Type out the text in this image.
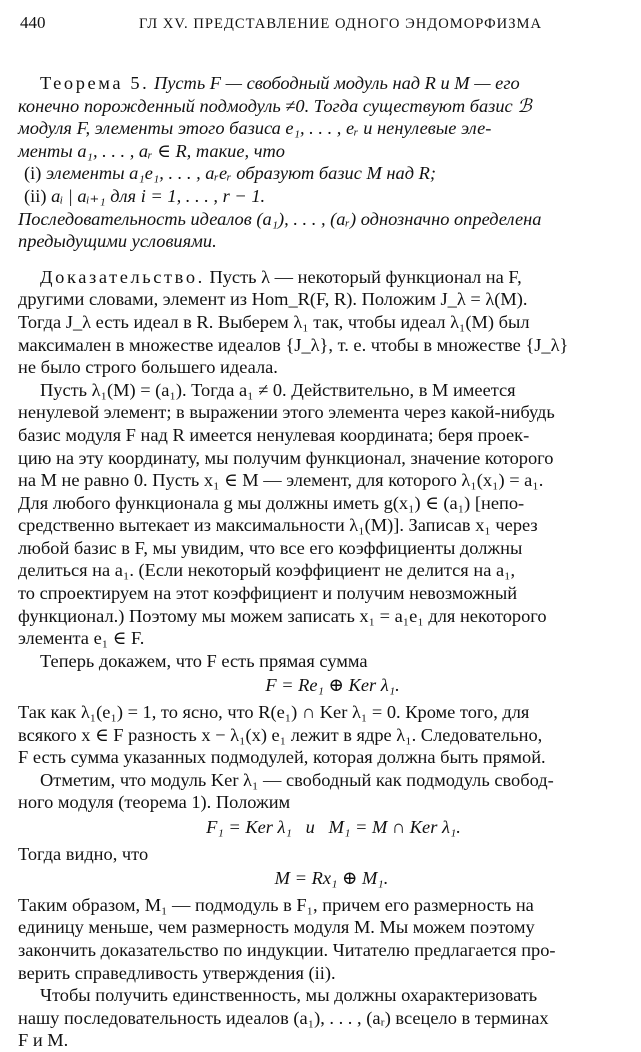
440	ГЛ XV. ПРЕДСТАВЛЕНИЕ ОДНОГО ЭНДОМОРФИЗМА

Теорема 5. Пусть F — свободный модуль над R и M — его

конечно порожденный подмодуль ≠0. Тогда существуют базис ℬ

модуля F, элементы этого базиса e₁, . . . , eᵣ и ненулевые эле-

менты a₁, . . . , aᵣ ∈ R, такие, что

(i) элементы a₁e₁, . . . , aᵣeᵣ образуют базис M над R;

(ii) aᵢ | aᵢ₊₁ для i = 1, . . . , r − 1.

Последовательность идеалов (a₁), . . . , (aᵣ) однозначно определена

предыдущими условиями.

Доказательство. Пусть λ — некоторый функционал на F,

другими словами, элемент из Hom_R(F, R). Положим J_λ = λ(M).

Тогда J_λ есть идеал в R. Выберем λ₁ так, чтобы идеал λ₁(M) был

максимален в множестве идеалов {J_λ}, т. е. чтобы в множестве {J_λ}

не было строго большего идеала.

Пусть λ₁(M) = (a₁). Тогда a₁ ≠ 0. Действительно, в M имеется

ненулевой элемент; в выражении этого элемента через какой-нибудь

базис модуля F над R имеется ненулевая координата; беря проек-

цию на эту координату, мы получим функционал, значение которого

на M не равно 0. Пусть x₁ ∈ M — элемент, для которого λ₁(x₁) = a₁.

Для любого функционала g мы должны иметь g(x₁) ∈ (a₁) [непо-

средственно вытекает из максимальности λ₁(M)]. Записав x₁ через

любой базис в F, мы увидим, что все его коэффициенты должны

делиться на a₁. (Если некоторый коэффициент не делится на a₁,

то спроектируем на этот коэффициент и получим невозможный

функционал.) Поэтому мы можем записать x₁ = a₁e₁ для некоторого

элемента e₁ ∈ F.

Теперь докажем, что F есть прямая сумма

F = Re₁ ⊕ Ker λ₁.

Так как λ₁(e₁) = 1, то ясно, что R(e₁) ∩ Ker λ₁ = 0. Кроме того, для

всякого x ∈ F разность x − λ₁(x) e₁ лежит в ядре λ₁. Следовательно,

F есть сумма указанных подмодулей, которая должна быть прямой.

Отметим, что модуль Ker λ₁ — свободный как подмодуль свобод-

ного модуля (теорема 1). Положим

F₁ = Ker λ₁   и   M₁ = M ∩ Ker λ₁.

Тогда видно, что

M = Rx₁ ⊕ M₁.

Таким образом, M₁ — подмодуль в F₁, причем его размерность на

единицу меньше, чем размерность модуля M. Мы можем поэтому

закончить доказательство по индукции. Читателю предлагается про-

верить справедливость утверждения (ii).

Чтобы получить единственность, мы должны охарактеризовать

нашу последовательность идеалов (a₁), . . . , (aᵣ) всецело в терминах

F и M.
